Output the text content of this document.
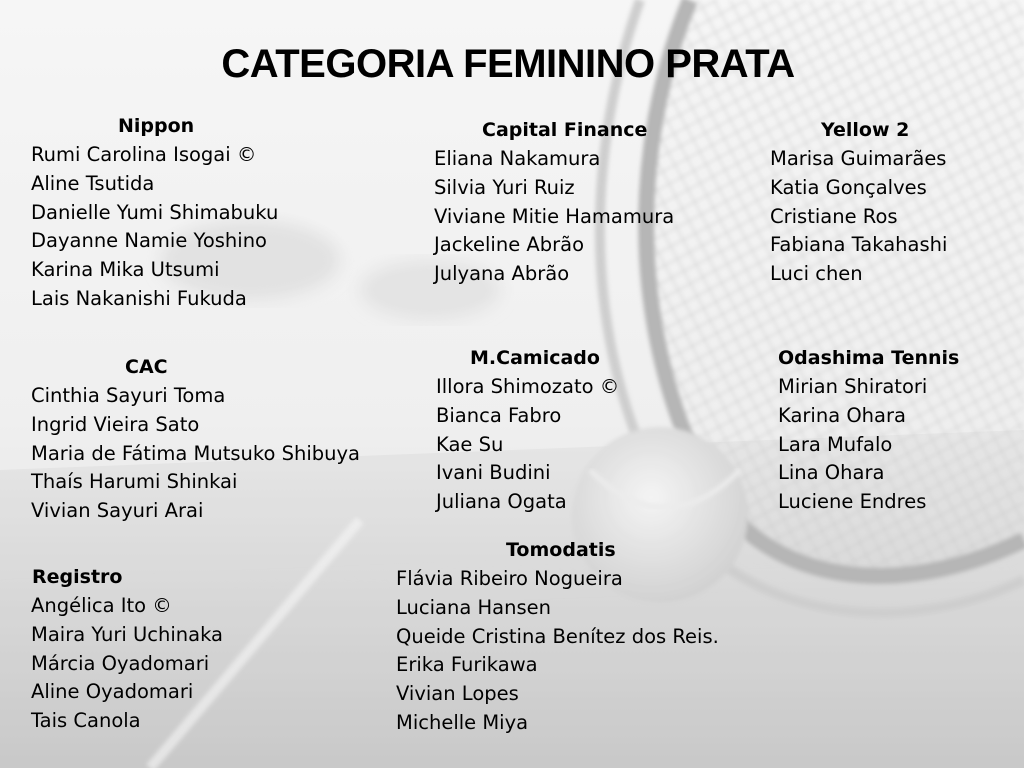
CATEGORIA FEMININO PRATA
Nippon
Rumi Carolina Isogai ©
Aline Tsutida
Danielle Yumi Shimabuku
Dayanne Namie Yoshino
Karina Mika Utsumi
Lais Nakanishi Fukuda
Capital Finance
Eliana Nakamura
Silvia Yuri Ruiz
Viviane Mitie Hamamura
Jackeline Abrão
Julyana Abrão
Yellow 2
Marisa Guimarães
Katia Gonçalves
Cristiane Ros
Fabiana Takahashi
Luci chen
CAC
Cinthia Sayuri Toma
Ingrid Vieira Sato
Maria de Fátima Mutsuko Shibuya
Thaís Harumi Shinkai
Vivian Sayuri Arai
M.Camicado
Illora Shimozato ©
Bianca Fabro
Kae Su
Ivani Budini
Juliana Ogata
Odashima Tennis
Mirian Shiratori
Karina Ohara
Lara Mufalo
Lina Ohara
Luciene Endres
Registro
Angélica Ito ©
Maira Yuri Uchinaka
Márcia Oyadomari
Aline Oyadomari
Tais Canola
Tomodatis
Flávia Ribeiro Nogueira
Luciana Hansen
Queide Cristina Benítez dos Reis.
Erika Furikawa
Vivian Lopes
Michelle Miya
